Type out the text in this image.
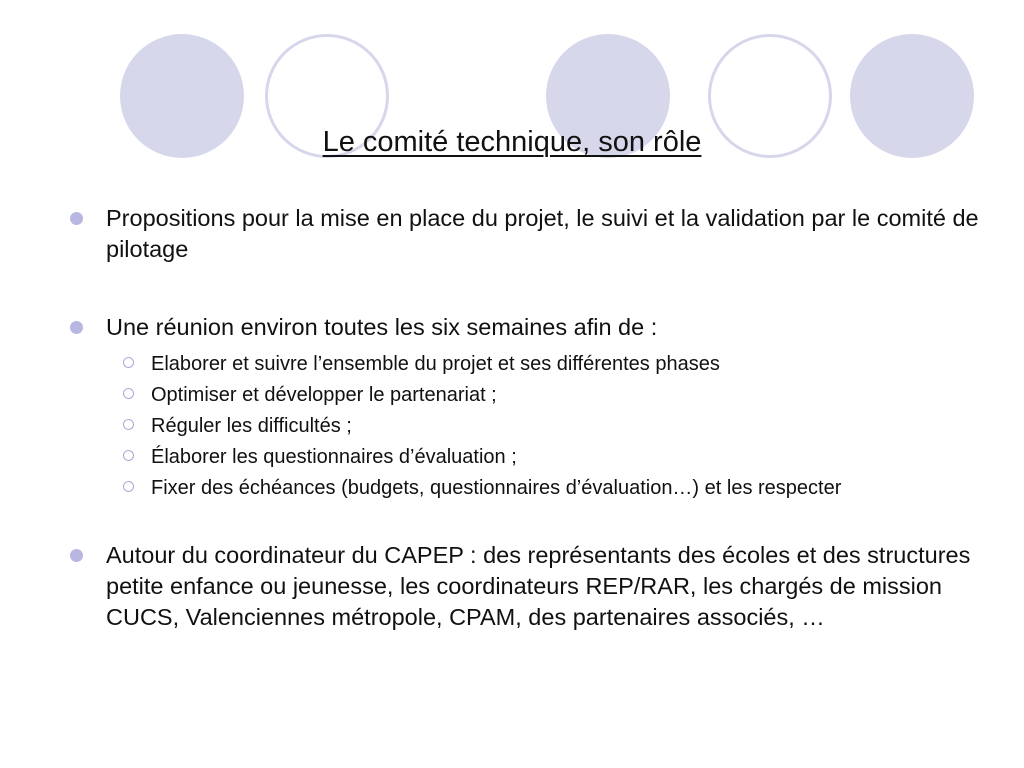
Le comité technique, son rôle
Propositions pour la mise en place du projet, le suivi et la validation par le comité de pilotage
Une réunion environ toutes les six semaines afin de :
Elaborer et suivre l’ensemble du projet et ses différentes phases
Optimiser et développer le partenariat ;
Réguler les difficultés ;
Élaborer les questionnaires d’évaluation ;
Fixer des échéances (budgets, questionnaires d’évaluation…) et les respecter
Autour du coordinateur du CAPEP : des représentants des écoles et des structures petite enfance ou jeunesse, les coordinateurs REP/RAR, les chargés de mission CUCS, Valenciennes métropole, CPAM, des partenaires associés, …
